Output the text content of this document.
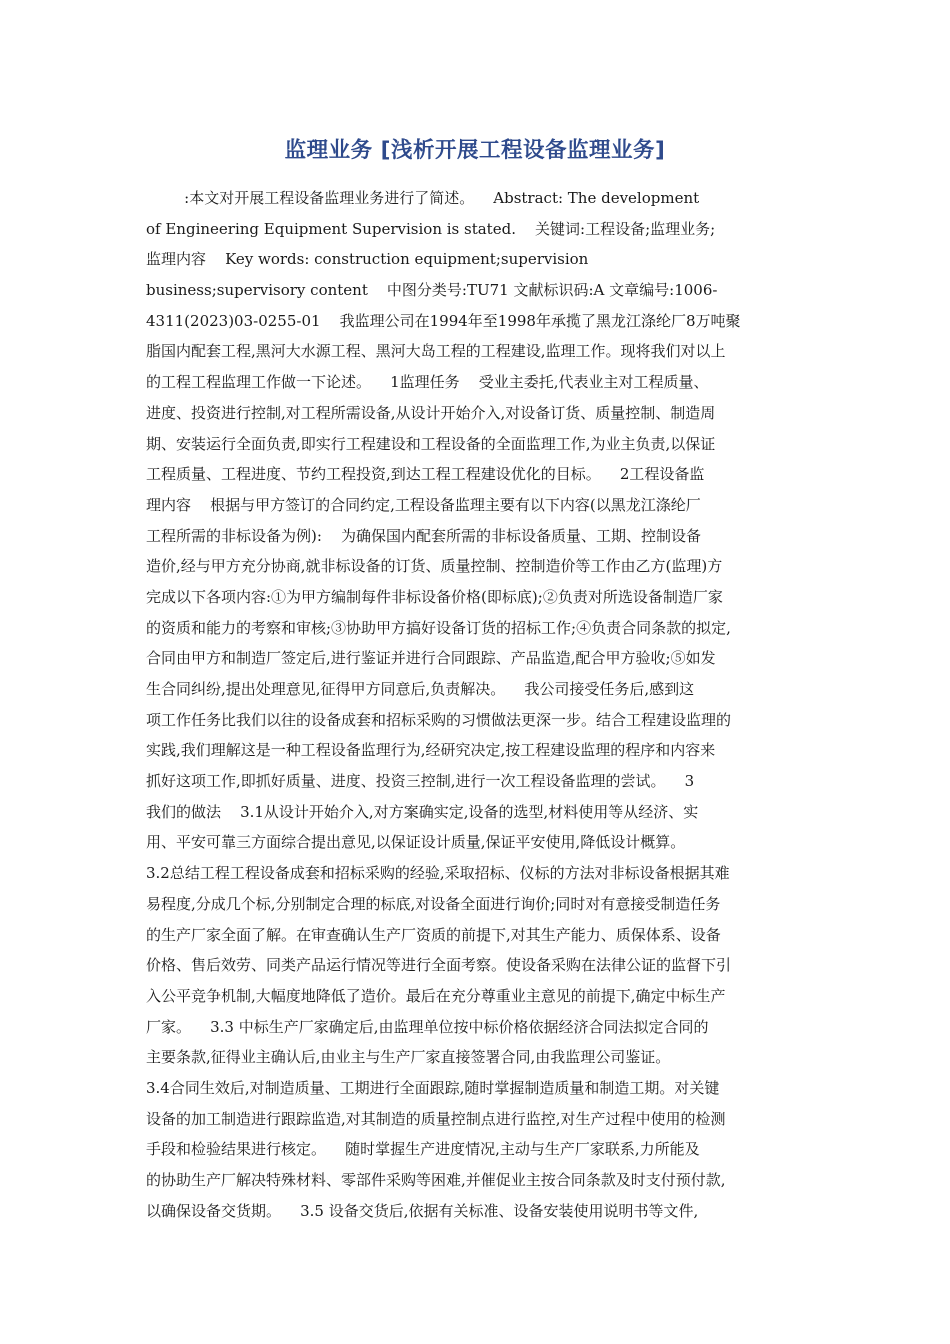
监理业务 [浅析开展工程设备监理业务]
:本文对开展工程设备监理业务进行了简述。    Abstract: The development
of Engineering Equipment Supervision is stated.    关键词:工程设备;监理业务;
监理内容    Key words: construction equipment;supervision
business;supervisory content    中图分类号:TU71 文献标识码:A 文章编号:1006-
4311(2023)03-0255-01    我监理公司在1994年至1998年承揽了黑龙江涤纶厂8万吨聚
脂国内配套工程,黑河大水源工程、黑河大岛工程的工程建设,监理工作。现将我们对以上
的工程工程监理工作做一下论述。    1监理任务    受业主委托,代表业主对工程质量、
进度、投资进行控制,对工程所需设备,从设计开始介入,对设备订货、质量控制、制造周
期、安装运行全面负责,即实行工程建设和工程设备的全面监理工作,为业主负责,以保证
工程质量、工程进度、节约工程投资,到达工程工程建设优化的目标。    2工程设备监
理内容    根据与甲方签订的合同约定,工程设备监理主要有以下内容(以黑龙江涤纶厂
工程所需的非标设备为例):    为确保国内配套所需的非标设备质量、工期、控制设备
造价,经与甲方充分协商,就非标设备的订货、质量控制、控制造价等工作由乙方(监理)方
完成以下各项内容:①为甲方编制每件非标设备价格(即标底);②负责对所选设备制造厂家
的资质和能力的考察和审核;③协助甲方搞好设备订货的招标工作;④负责合同条款的拟定,
合同由甲方和制造厂签定后,进行鉴证并进行合同跟踪、产品监造,配合甲方验收;⑤如发
生合同纠纷,提出处理意见,征得甲方同意后,负责解决。    我公司接受任务后,感到这
项工作任务比我们以往的设备成套和招标采购的习惯做法更深一步。结合工程建设监理的
实践,我们理解这是一种工程设备监理行为,经研究决定,按工程建设监理的程序和内容来
抓好这项工作,即抓好质量、进度、投资三控制,进行一次工程设备监理的尝试。    3
我们的做法    3.1从设计开始介入,对方案确实定,设备的选型,材料使用等从经济、实
用、平安可靠三方面综合提出意见,以保证设计质量,保证平安使用,降低设计概算。
3.2总结工程工程设备成套和招标采购的经验,采取招标、仪标的方法对非标设备根据其难
易程度,分成几个标,分别制定合理的标底,对设备全面进行询价;同时对有意接受制造任务
的生产厂家全面了解。在审查确认生产厂资质的前提下,对其生产能力、质保体系、设备
价格、售后效劳、同类产品运行情况等进行全面考察。使设备采购在法律公证的监督下引
入公平竞争机制,大幅度地降低了造价。最后在充分尊重业主意见的前提下,确定中标生产
厂家。    3.3 中标生产厂家确定后,由监理单位按中标价格依据经济合同法拟定合同的
主要条款,征得业主确认后,由业主与生产厂家直接签署合同,由我监理公司鉴证。
3.4合同生效后,对制造质量、工期进行全面跟踪,随时掌握制造质量和制造工期。对关键
设备的加工制造进行跟踪监造,对其制造的质量控制点进行监控,对生产过程中使用的检测
手段和检验结果进行核定。    随时掌握生产进度情况,主动与生产厂家联系,力所能及
的协助生产厂解决特殊材料、零部件采购等困难,并催促业主按合同条款及时支付预付款,
以确保设备交货期。    3.5 设备交货后,依据有关标准、设备安装使用说明书等文件,
